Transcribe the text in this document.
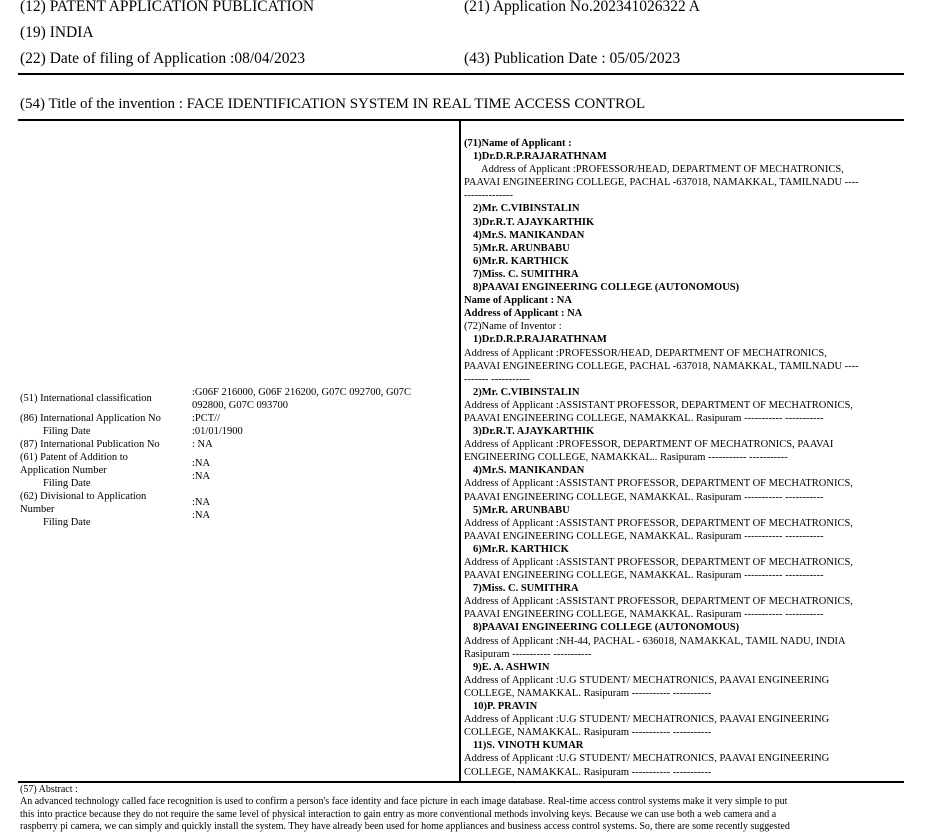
(12) PATENT APPLICATION PUBLICATION	(21) Application No.202341026322 A
(19) INDIA
(22) Date of filing of Application :08/04/2023	(43) Publication Date : 05/05/2023
(54) Title of the invention : FACE IDENTIFICATION SYSTEM IN REAL TIME ACCESS CONTROL
(51) International classification
:G06F 216000, G06F 216200, G07C 092700, G07C 092800, G07C 093700
(86) International Application No	:PCT//
Filing Date	:01/01/1900
(87) International Publication No	: NA
(61) Patent of Addition to Application Number
:NA
Filing Date
:NA
(62) Divisional to Application Number
:NA
Filing Date
:NA
(71)Name of Applicant :
1)Dr.D.R.P.RAJARATHNAM
Address of Applicant :PROFESSOR/HEAD, DEPARTMENT OF MECHATRONICS,
PAAVAI ENGINEERING COLLEGE, PACHAL -637018, NAMAKKAL, TAMILNADU ----
--------------
2)Mr. C.VIBINSTALIN
3)Dr.R.T. AJAYKARTHIK
4)Mr.S. MANIKANDAN
5)Mr.R. ARUNBABU
6)Mr.R. KARTHICK
7)Miss. C. SUMITHRA
8)PAAVAI ENGINEERING COLLEGE (AUTONOMOUS)
Name of Applicant : NA
Address of Applicant : NA
(72)Name of Inventor :
1)Dr.D.R.P.RAJARATHNAM
Address of Applicant :PROFESSOR/HEAD, DEPARTMENT OF MECHATRONICS,
PAAVAI ENGINEERING COLLEGE, PACHAL -637018, NAMAKKAL, TAMILNADU ----
------- -----------
2)Mr. C.VIBINSTALIN
Address of Applicant :ASSISTANT PROFESSOR, DEPARTMENT OF MECHATRONICS,
PAAVAI ENGINEERING COLLEGE, NAMAKKAL. Rasipuram ----------- -----------
3)Dr.R.T. AJAYKARTHIK
Address of Applicant :PROFESSOR, DEPARTMENT OF MECHATRONICS, PAAVAI
ENGINEERING COLLEGE, NAMAKKAL.. Rasipuram ----------- -----------
4)Mr.S. MANIKANDAN
Address of Applicant :ASSISTANT PROFESSOR, DEPARTMENT OF MECHATRONICS,
PAAVAI ENGINEERING COLLEGE, NAMAKKAL. Rasipuram ----------- -----------
5)Mr.R. ARUNBABU
Address of Applicant :ASSISTANT PROFESSOR, DEPARTMENT OF MECHATRONICS,
PAAVAI ENGINEERING COLLEGE, NAMAKKAL. Rasipuram ----------- -----------
6)Mr.R. KARTHICK
Address of Applicant :ASSISTANT PROFESSOR, DEPARTMENT OF MECHATRONICS,
PAAVAI ENGINEERING COLLEGE, NAMAKKAL. Rasipuram ----------- -----------
7)Miss. C. SUMITHRA
Address of Applicant :ASSISTANT PROFESSOR, DEPARTMENT OF MECHATRONICS,
PAAVAI ENGINEERING COLLEGE, NAMAKKAL. Rasipuram ----------- -----------
8)PAAVAI ENGINEERING COLLEGE (AUTONOMOUS)
Address of Applicant :NH-44, PACHAL - 636018, NAMAKKAL, TAMIL NADU, INDIA
Rasipuram ----------- -----------
9)E. A. ASHWIN
Address of Applicant :U.G STUDENT/ MECHATRONICS, PAAVAI ENGINEERING
COLLEGE, NAMAKKAL. Rasipuram ----------- -----------
10)P. PRAVIN
Address of Applicant :U.G STUDENT/ MECHATRONICS, PAAVAI ENGINEERING
COLLEGE, NAMAKKAL. Rasipuram ----------- -----------
11)S. VINOTH KUMAR
Address of Applicant :U.G STUDENT/ MECHATRONICS, PAAVAI ENGINEERING
COLLEGE, NAMAKKAL. Rasipuram ----------- -----------
(57) Abstract :
An advanced technology called face recognition is used to confirm a person's face identity and face picture in each image database. Real-time access control systems make it very simple to put
this into practice because they do not require the same level of physical interaction to gain entry as more conventional methods involving keys. Because we can use both a web camera and a
raspberry pi camera, we can simply and quickly install the system. They have already been used for home appliances and business access control systems. So, there are some recently suggested
